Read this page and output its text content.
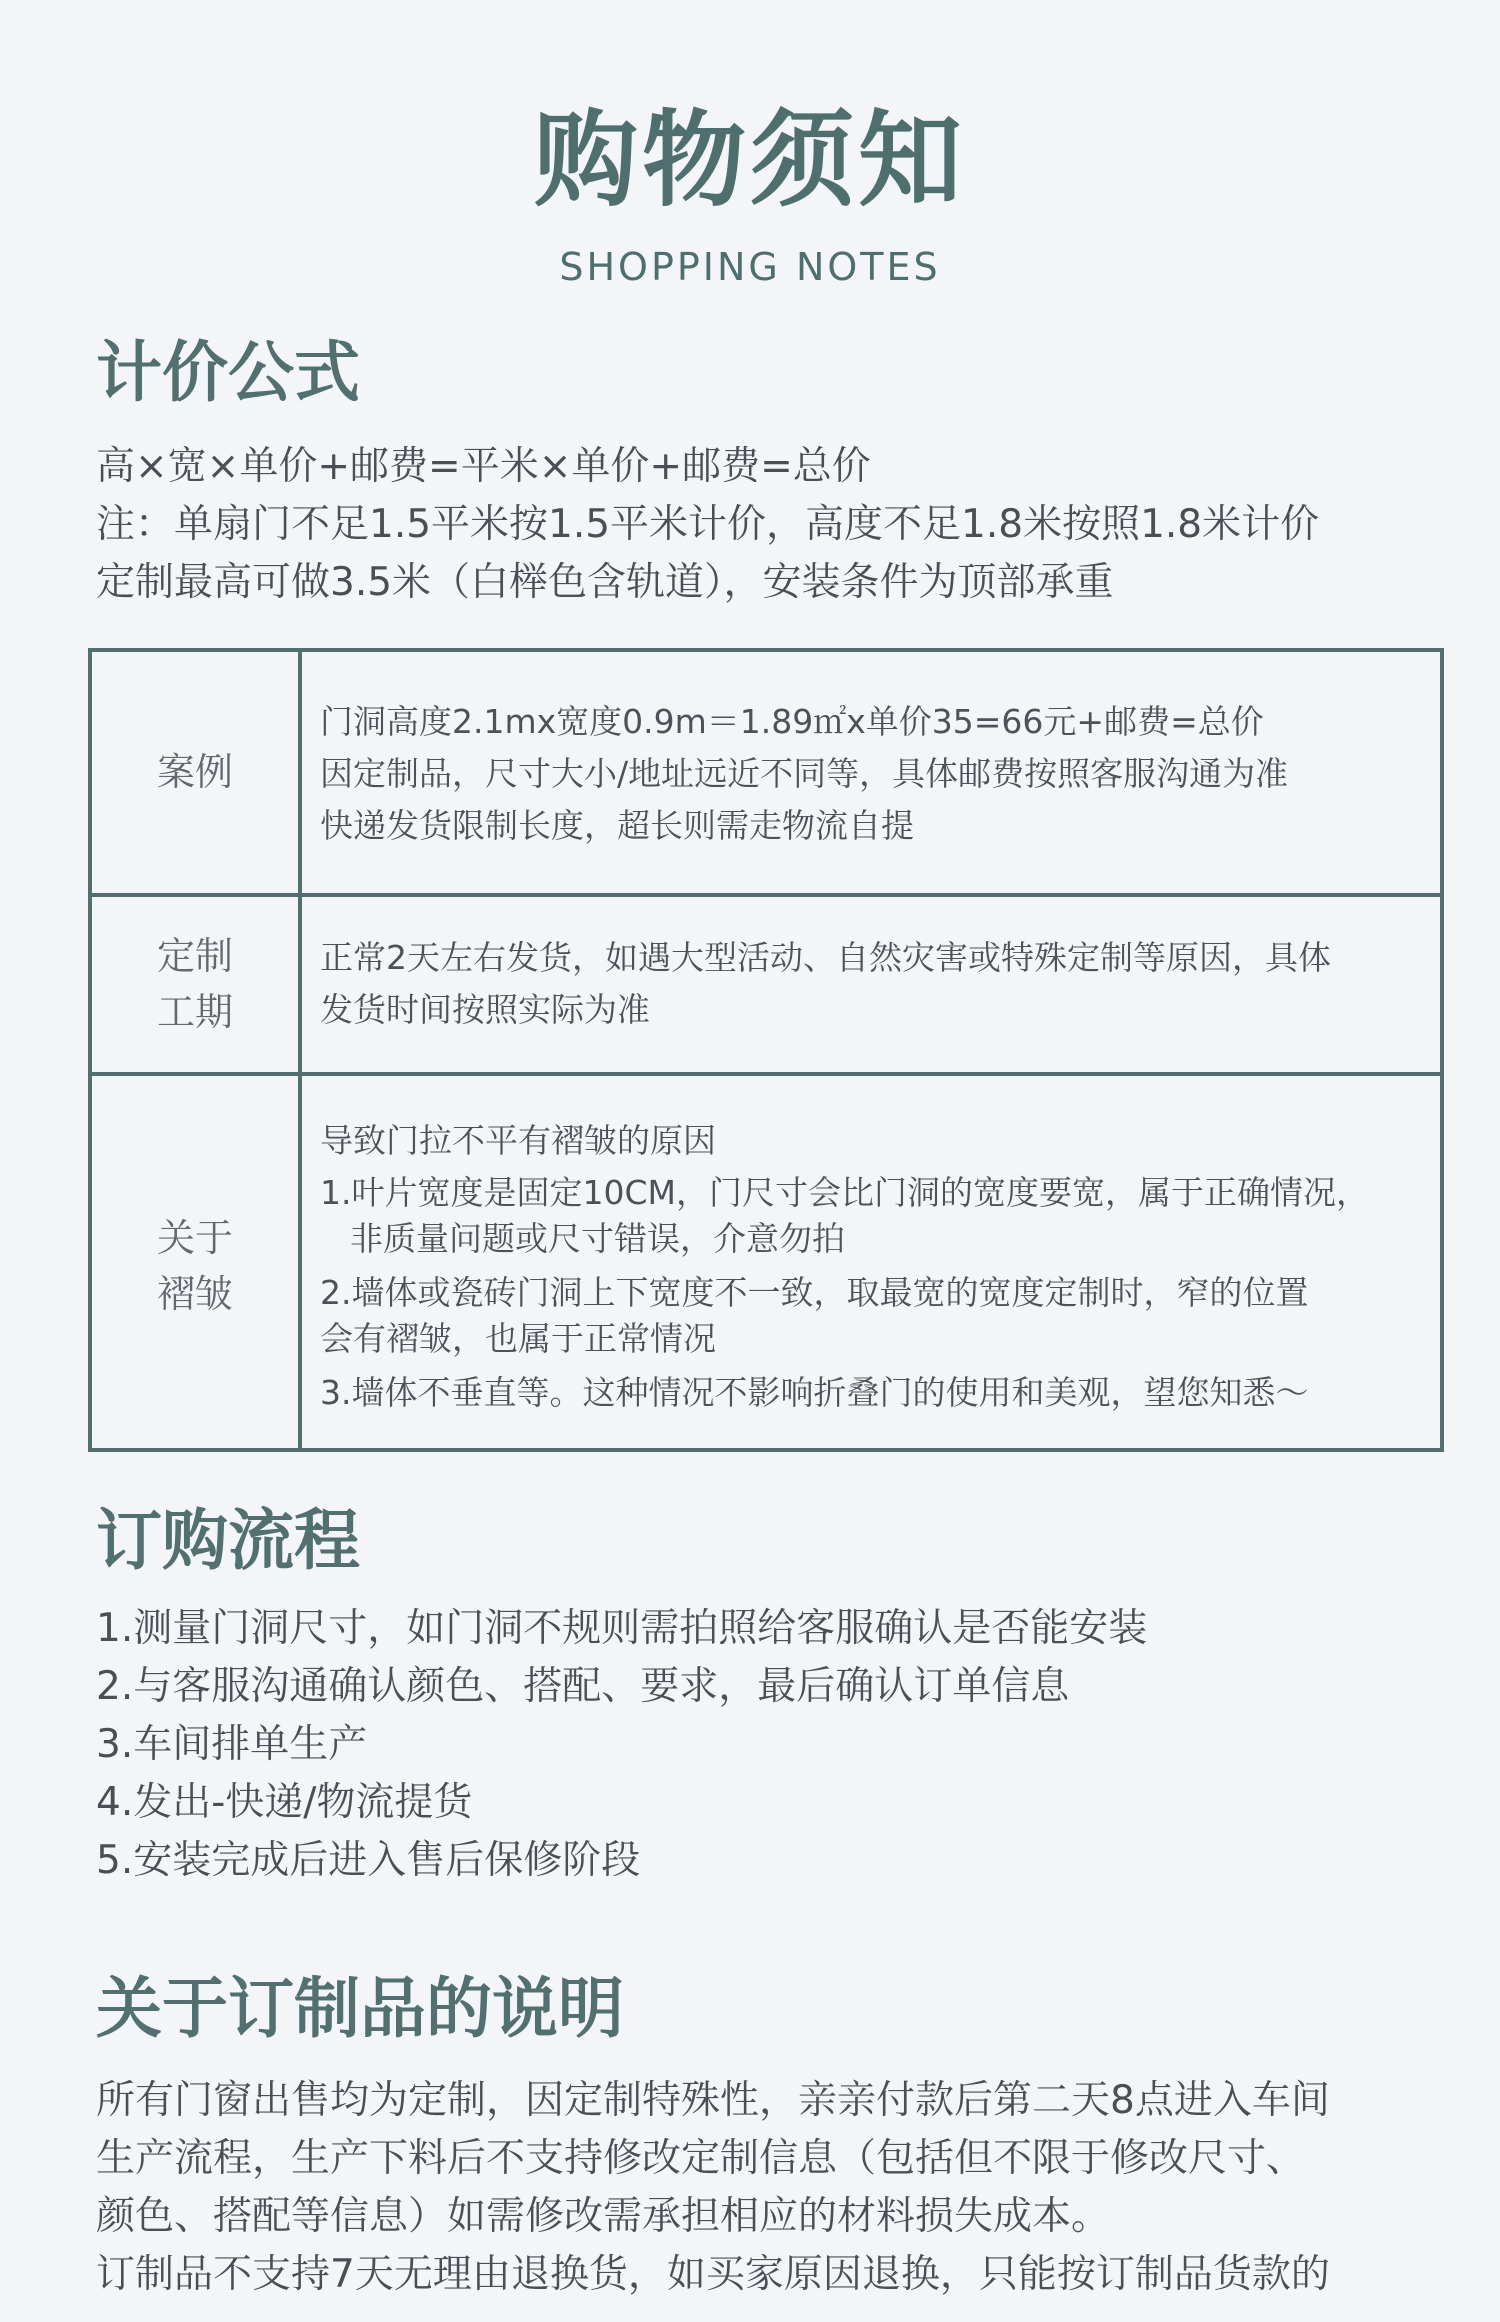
购物须知
SHOPPING NOTES
计价公式
高×宽×单价+邮费=平米×单价+邮费=总价
注：单扇门不足1.5平米按1.5平米计价，高度不足1.8米按照1.8米计价
定制最高可做3.5米（白榉色含轨道），安装条件为顶部承重
案例
门洞高度2.1mx宽度0.9m＝1.89㎡x单价35=66元+邮费=总价
因定制品，尺寸大小/地址远近不同等，具体邮费按照客服沟通为准
快递发货限制长度，超长则需走物流自提
定制
工期
正常2天左右发货，如遇大型活动、自然灾害或特殊定制等原因，具体
发货时间按照实际为准
关于
褶皱
导致门拉不平有褶皱的原因
1.叶片宽度是固定10CM，门尺寸会比门洞的宽度要宽，属于正确情况，
非质量问题或尺寸错误，介意勿拍
2.墙体或瓷砖门洞上下宽度不一致，取最宽的宽度定制时，窄的位置
会有褶皱，也属于正常情况
3.墙体不垂直等。这种情况不影响折叠门的使用和美观，望您知悉～
订购流程
1.测量门洞尺寸，如门洞不规则需拍照给客服确认是否能安装
2.与客服沟通确认颜色、搭配、要求，最后确认订单信息
3.车间排单生产
4.发出-快递/物流提货
5.安装完成后进入售后保修阶段
关于订制品的说明
所有门窗出售均为定制，因定制特殊性，亲亲付款后第二天8点进入车间
生产流程，生产下料后不支持修改定制信息（包括但不限于修改尺寸、
颜色、搭配等信息）如需修改需承担相应的材料损失成本。
订制品不支持7天无理由退换货，如买家原因退换，只能按订制品货款的
